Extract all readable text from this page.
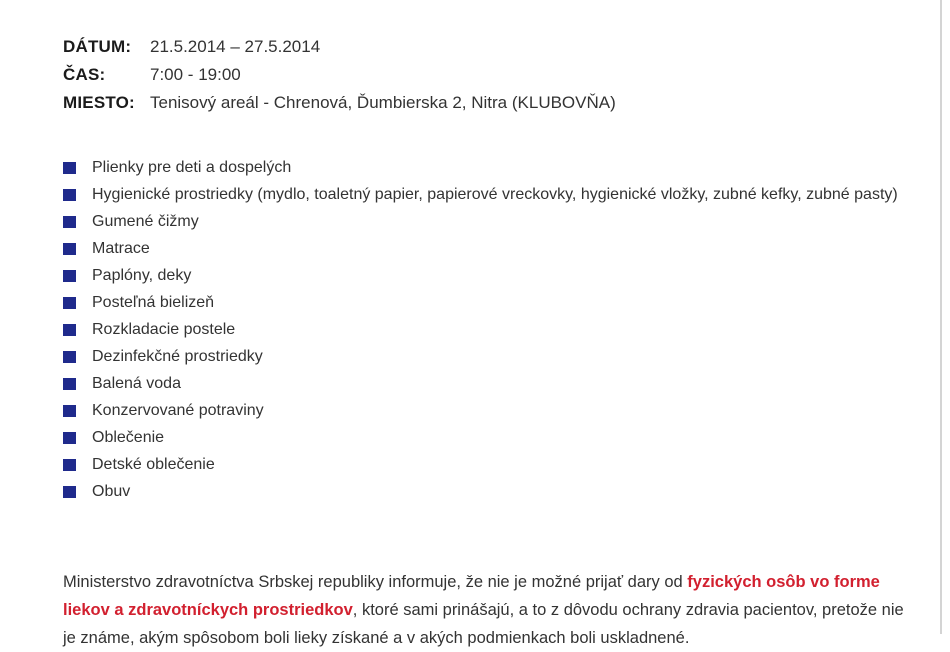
DÁTUM:	21.5.2014 – 27.5.2014
ČAS:	7:00 - 19:00
MIESTO: Tenisový areál - Chrenová, Ďumbierska 2, Nitra (KLUBOVŇA)
Plienky pre deti a dospelých
Hygienické prostriedky (mydlo, toaletný papier, papierové vreckovky, hygienické vložky, zubné kefky, zubné pasty)
Gumené čižmy
Matrace
Paplóny, deky
Posteľná bielizeň
Rozkladacie postele
Dezinfekčné prostriedky
Balená voda
Konzervované potraviny
Oblečenie
Detské oblečenie
Obuv

Ministerstvo zdravotníctva Srbskej republiky informuje, že nie je možné prijať dary od fyzických osôb vo forme liekov a zdravotníckych prostriedkov, ktoré sami prinášajú, a to z dôvodu ochrany zdravia pacientov, pretože nie je známe, akým spôsobom boli lieky získané a v akých podmienkach boli uskladnené.
